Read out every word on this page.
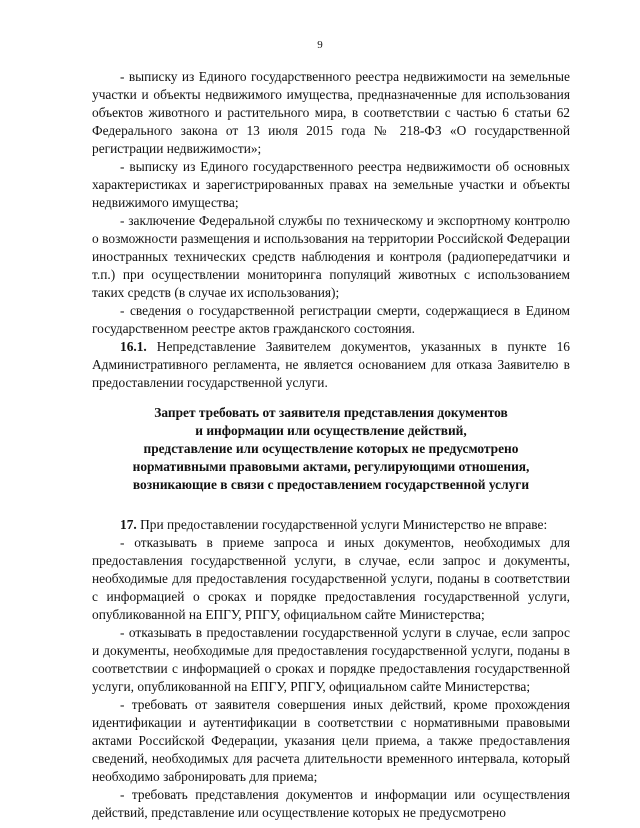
9

- выписку из Единого государственного реестра недвижимости на земельные участки и объекты недвижимого имущества, предназначенные для использования объектов животного и растительного мира, в соответствии с частью 6 статьи 62 Федерального закона от 13 июля 2015 года № 218-ФЗ «О государственной регистрации недвижимости»;

- выписку из Единого государственного реестра недвижимости об основных характеристиках и зарегистрированных правах на земельные участки и объекты недвижимого имущества;

- заключение Федеральной службы по техническому и экспортному контролю о возможности размещения и использования на территории Российской Федерации иностранных технических средств наблюдения и контроля (радиопередатчики и т.п.) при осуществлении мониторинга популяций животных с использованием таких средств (в случае их использования);

- сведения о государственной регистрации смерти, содержащиеся в Едином государственном реестре актов гражданского состояния.

16.1. Непредставление Заявителем документов, указанных в пункте 16 Административного регламента, не является основанием для отказа Заявителю в предоставлении государственной услуги.

Запрет требовать от заявителя представления документов
и информации или осуществление действий,
представление или осуществление которых не предусмотрено
нормативными правовыми актами, регулирующими отношения,
возникающие в связи с предоставлением государственной услуги

17. При предоставлении государственной услуги Министерство не вправе:

- отказывать в приеме запроса и иных документов, необходимых для предоставления государственной услуги, в случае, если запрос и документы, необходимые для предоставления государственной услуги, поданы в соответствии с информацией о сроках и порядке предоставления государственной услуги, опубликованной на ЕПГУ, РПГУ, официальном сайте Министерства;

- отказывать в предоставлении государственной услуги в случае, если запрос и документы, необходимые для предоставления государственной услуги, поданы в соответствии с информацией о сроках и порядке предоставления государственной услуги, опубликованной на ЕПГУ, РПГУ, официальном сайте Министерства;

- требовать от заявителя совершения иных действий, кроме прохождения идентификации и аутентификации в соответствии с нормативными правовыми актами Российской Федерации, указания цели приема, а также предоставления сведений, необходимых для расчета длительности временного интервала, который необходимо забронировать для приема;

- требовать представления документов и информации или осуществления действий, представление или осуществление которых не предусмотрено
